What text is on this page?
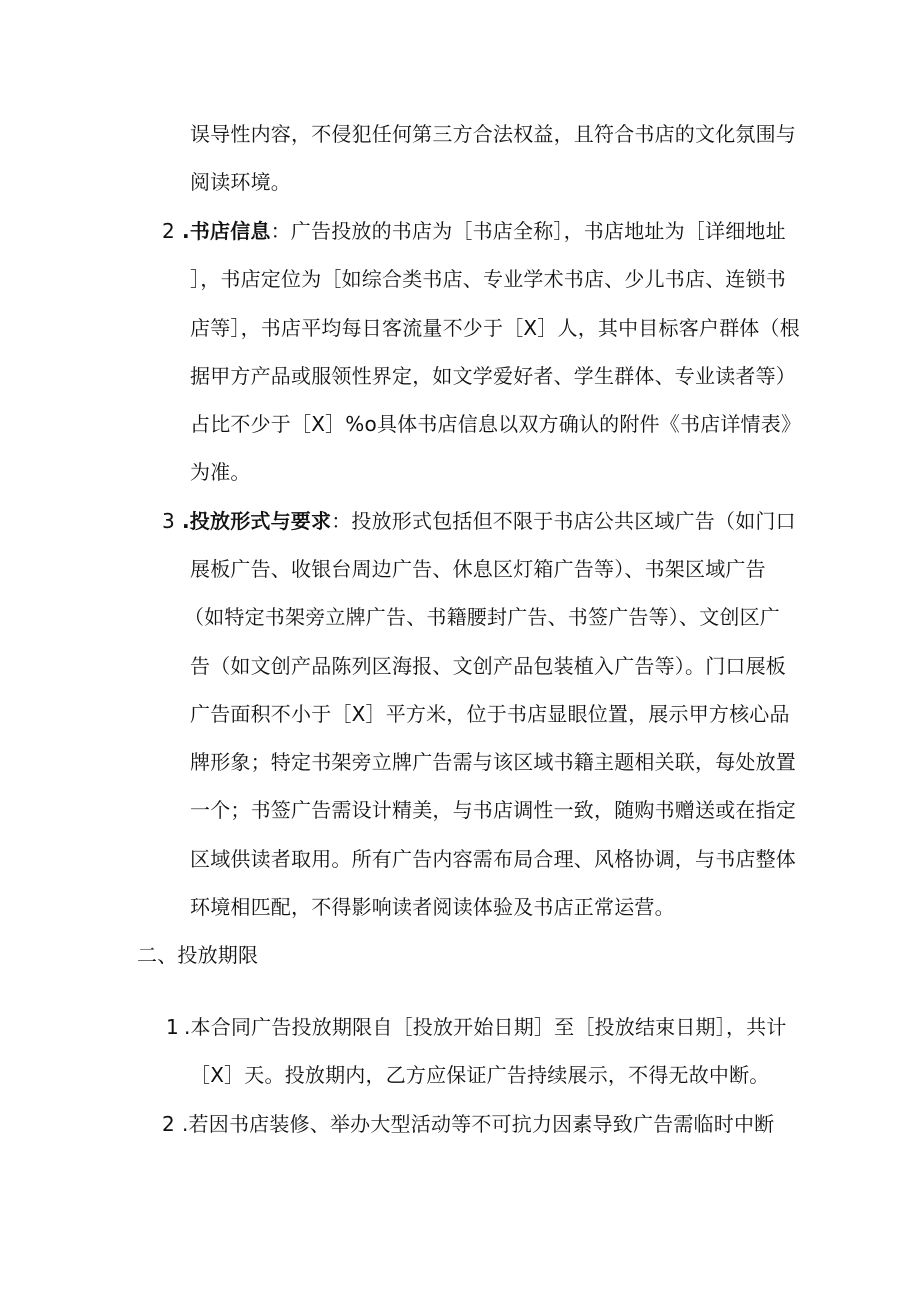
误导性内容，不侵犯任何第三方合法权益，且符合书店的文化氛围与
阅读环境。
2 .书店信息：广告投放的书店为［书店全称］，书店地址为［详细地址
］，书店定位为［如综合类书店、专业学术书店、少儿书店、连锁书
店等］，书店平均每日客流量不少于［X］人，其中目标客户群体（根
据甲方产品或服领性界定，如文学爱好者、学生群体、专业读者等）
占比不少于［X］%o具体书店信息以双方确认的附件《书店详情表》
为准。
3 .投放形式与要求：投放形式包括但不限于书店公共区域广告（如门口
展板广告、收银台周边广告、休息区灯箱广告等）、书架区域广告
（如特定书架旁立牌广告、书籍腰封广告、书签广告等）、文创区广
告（如文创产品陈列区海报、文创产品包装植入广告等）。门口展板
广告面积不小于［X］平方米，位于书店显眼位置，展示甲方核心品
牌形象；特定书架旁立牌广告需与该区域书籍主题相关联，每处放置
一个；书签广告需设计精美，与书店调性一致，随购书赠送或在指定
区域供读者取用。所有广告内容需布局合理、风格协调，与书店整体
环境相匹配，不得影响读者阅读体验及书店正常运营。
二、投放期限
1 .本合同广告投放期限自［投放开始日期］至［投放结束日期］，共计
［X］天。投放期内，乙方应保证广告持续展示，不得无故中断。
2 .若因书店装修、举办大型活动等不可抗力因素导致广告需临时中断
